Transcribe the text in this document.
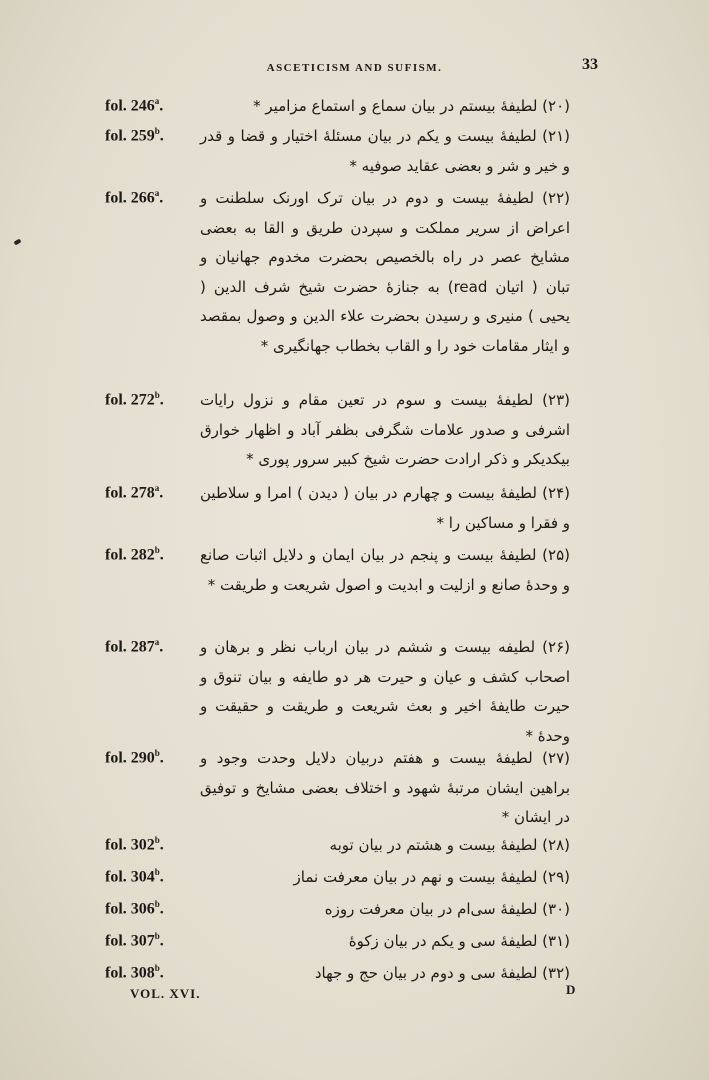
ASCETICISM AND SUFISM.	33
fol. 246$^a$.	(۲۰) لطیفهٔ بیستم در بیان سماع و استماع مزامیر *
fol. 259$^b$. (۲۱) لطیفهٔ بیست و یکم در بیان مسئلهٔ اختیار و قضا و قدر و خیر و شر و بعضی عقاید صوفیه *
fol. 266$^a$. (۲۲) لطیفهٔ بیست و دوم در بیان ترک اورنک سلطنت و اعراض از سریر مملکت و سپردن طریق و القا به بعضی مشایخ عصر در راه بالخصیص بحضرت مخدوم جهانیان و تبان ( اتیان read) به جنازهٔ حضرت شیخ شرف الدین ( یحیی ) منیری و رسیدن بحضرت علاء الدین و وصول بمقصد و ایثار مقامات خود را و القاب بخطاب جهانگیری *
fol. 272$^b$. (۲۳) لطیفهٔ بیست و سوم در تعین مقام و نزول رایات اشرفی و صدور علامات شگرفی بظفر آباد و اظهار خوارق بیکدیکر و ذکر ارادت حضرت شیخ کبیر سرور پوری *
fol. 278$^a$. (۲۴) لطیفهٔ بیست و چهارم در بیان ( دیدن ) امرا و سلاطین و فقرا و مساکین را *
fol. 282$^b$. (۲۵) لطیفهٔ بیست و پنجم در بیان ایمان و دلایل اثبات صانع و وحدهٔ صانع و ازلیت و ابدیت و اصول شریعت و طریقت *
fol. 287$^a$. (۲۶) لطیفه بیست و ششم در بیان ارباب نظر و برهان و اصحاب کشف و عیان و حیرت هر دو طایفه و بیان تنوق و حیرت طایفهٔ اخیر و بعث شریعت و طریقت و حقیقت و وحدهٔ *
fol. 290$^b$. (۲۷) لطیفهٔ بیست و هفتم دربیان دلایل وحدت وجود و براهین ایشان مرتبهٔ شهود و اختلاف بعضی مشایخ و توفیق در ایشان *
fol. 302$^b$.	(۲۸) لطیفهٔ بیست و هشتم در بیان توبه
fol. 304$^b$.	(۲۹) لطیفهٔ بیست و نهم در بیان معرفت نماز
fol. 306$^b$.	(۳۰) لطیفهٔ سی‌ام در بیان معرفت روزه
fol. 307$^b$.	(۳۱) لطیفهٔ سی و یکم در بیان زکوهٔ
fol. 308$^b$.	(۳۲) لطیفهٔ سی و دوم در بیان حج و جهاد
VOL. XVI.	D
